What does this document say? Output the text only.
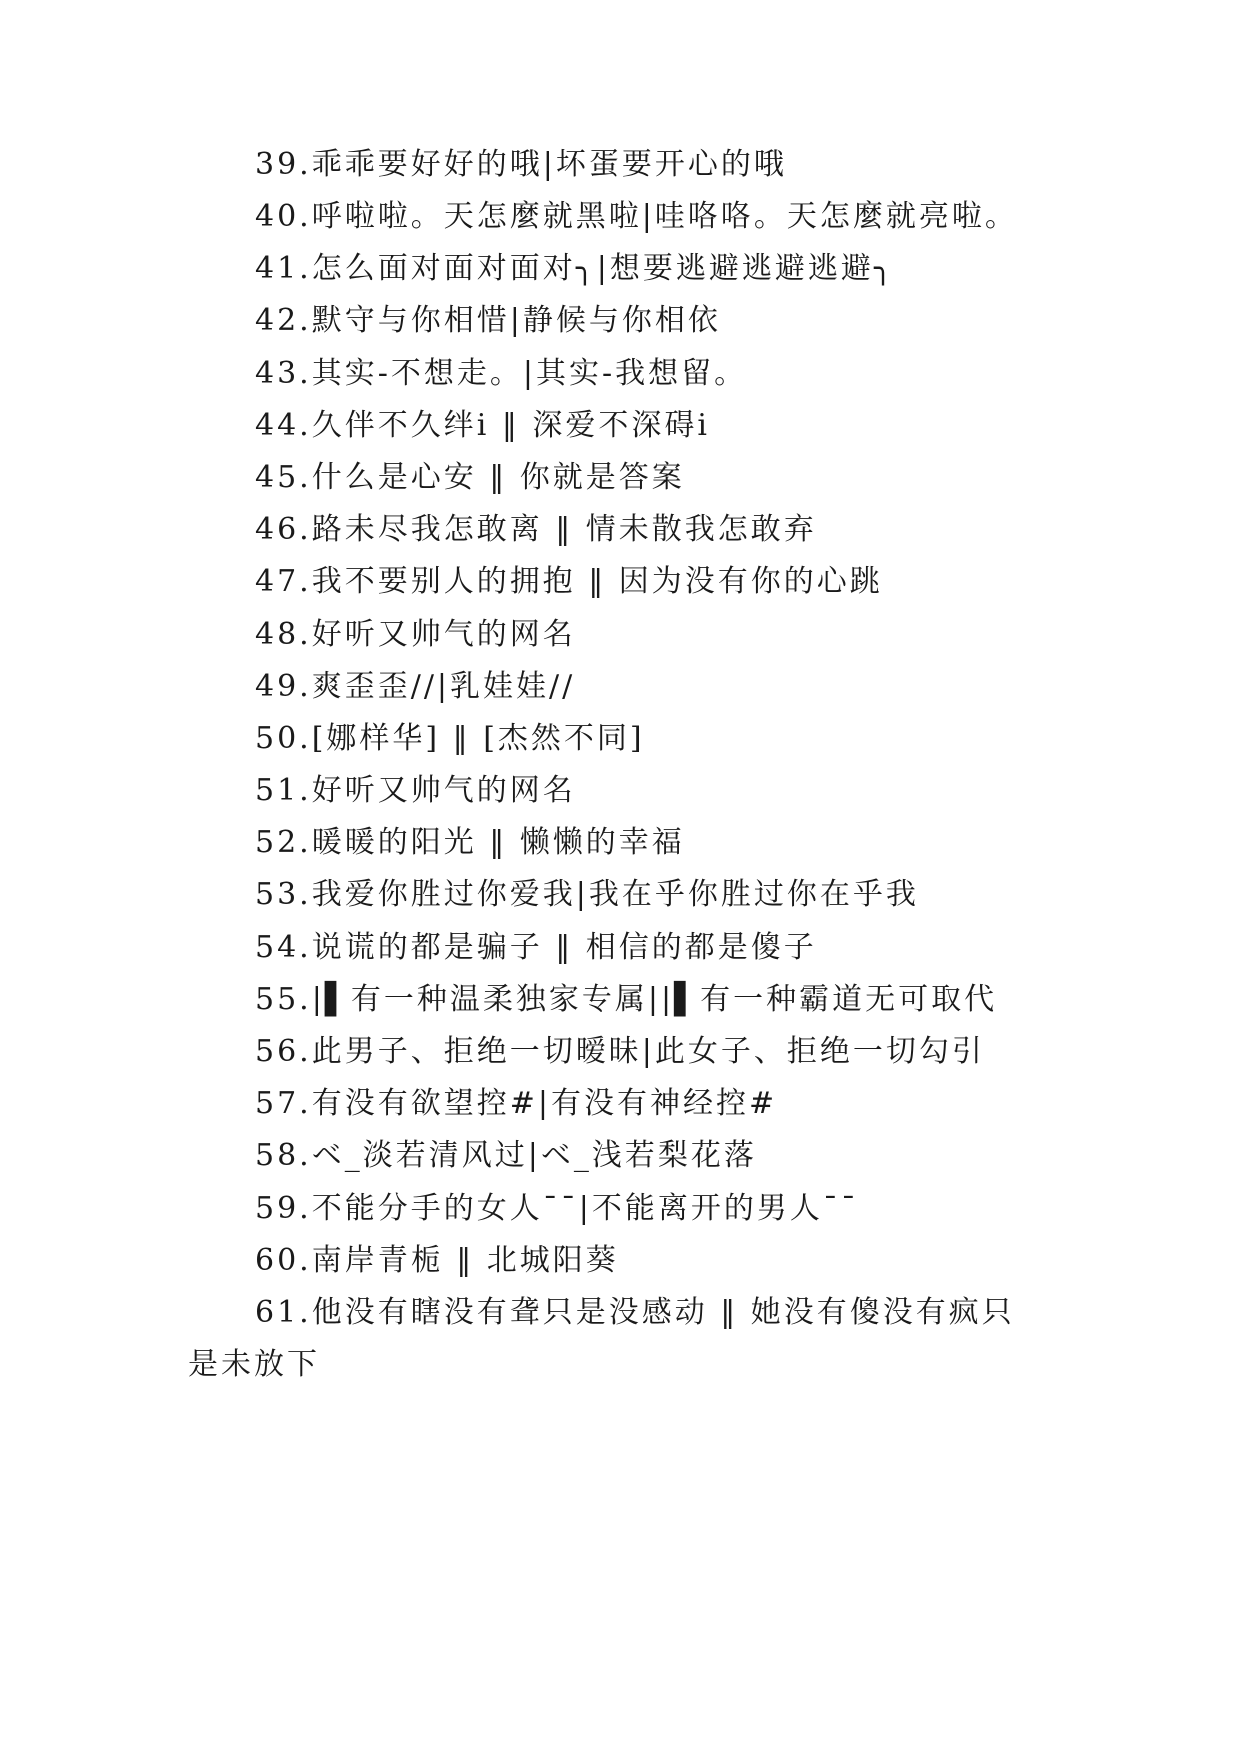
39.乖乖要好好的哦|坏蛋要开心的哦
40.呼啦啦。天怎麼就黑啦|哇咯咯。天怎麼就亮啦。
41.怎么面对面对面对╮|想要逃避逃避逃避╮
42.默守与你相惜|静候与你相依
43.其实-不想走。|其实-我想留。
44.久伴不久绊ⅰ ‖ 深爱不深碍ⅰ
45.什么是心安 ‖ 你就是答案
46.路未尽我怎敢离 ‖ 情未散我怎敢弃
47.我不要别人的拥抱 ‖ 因为没有你的心跳
48.好听又帅气的网名
49.爽歪歪//|乳娃娃//
50.[娜样华] ‖ [杰然不同]
51.好听又帅气的网名
52.暖暖的阳光 ‖ 懒懒的幸福
53.我爱你胜过你爱我|我在乎你胜过你在乎我
54.说谎的都是骗子 ‖ 相信的都是傻子
55.|▌有一种温柔独家专属||▌有一种霸道无可取代
56.此男子、拒绝一切暧昧|此女子、拒绝一切勾引
57.有没有欲望控#|有没有神经控#
58.ベ_淡若清风过|ベ_浅若梨花落
59.不能分手的女人ˉˉ|不能离开的男人ˉˉ
60.南岸青栀 ‖ 北城阳葵
61.他没有瞎没有聋只是没感动 ‖ 她没有傻没有疯只
是未放下
